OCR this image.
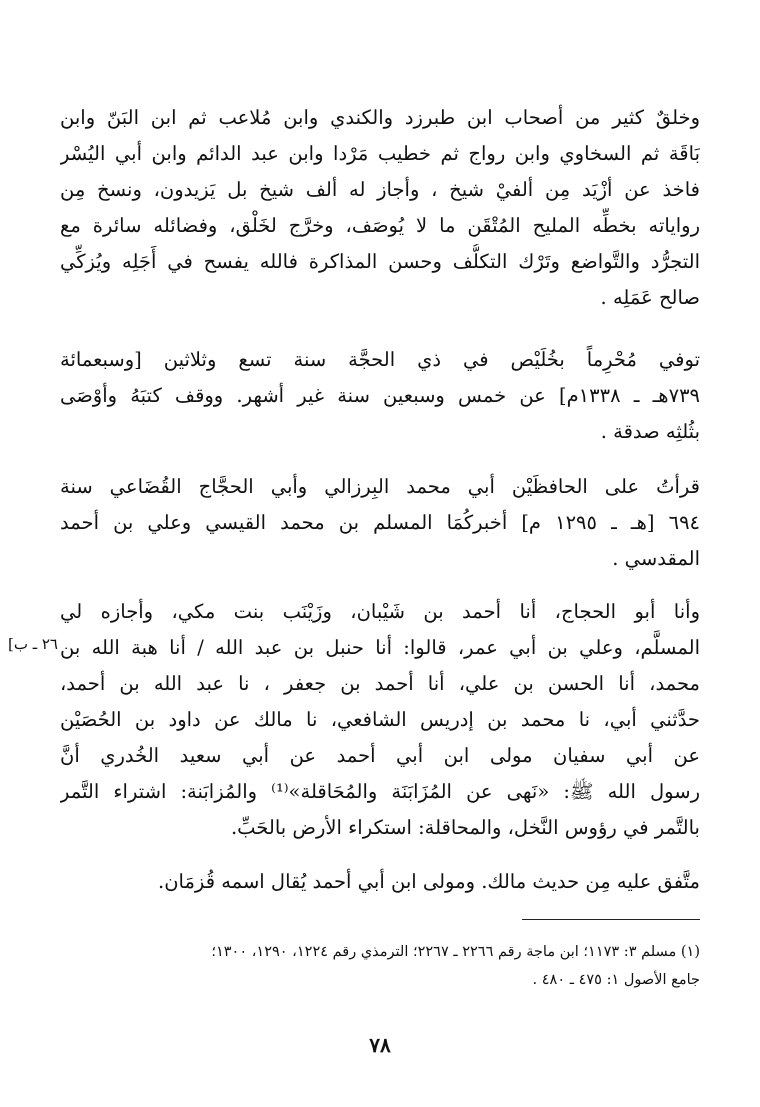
وخلقٌ كثير من أصحاب ابن طبرزد والكندي وابن مُلاعب ثم ابن البَنّ وابن
بَاقَة ثم السخاوي وابن رواج ثم خطيب مَرْدا وابن عبد الدائم وابن أبي اليُسْر
فاخذ عن أزْيَد مِن ألفيْ شيخ ، وأجاز له ألف شيخ بل يَزيدون، ونسخ مِن
رواياته بخطِّه المليح المُتْقَن ما لا يُوصَف، وخرَّج لخَلْق، وفضائله سائرة مع
التجرُّد والتَّواضع وتَرْك التكلُّف وحسن المذاكرة فالله يفسح في أَجَلِه ويُزكِّي
صالح عَمَلِه .
توفي مُحْرِماً بخُلَيْص في ذي الحجَّة سنة تسع وثلاثين [وسبعمائة
٧٣٩هـ ـ ١٣٣٨م] عن خمس وسبعين سنة غير أشهر. ووقف كتبَهُ وأوْصَى
بثُلثِه صدقة .
قرأتُ على الحافظَيْن أبي محمد البِرزالي وأبي الحجَّاج القُضَاعي سنة
٦٩٤ [هـ ـ ١٢٩٥ م] أخبركُمَا المسلم بن محمد القيسي وعلي بن أحمد
المقدسي .
وأنا أبو الحجاج، أنا أحمد بن شَيْبان، وزَيْنَب بنت مكي، وأجازه لي
المسلَّم، وعلي بن أبي عمر، قالوا: أنا حنبل بن عبد الله / أنا هبة الله بن
محمد، أنا الحسن بن علي، أنا أحمد بن جعفر ، نا عبد الله بن أحمد،
حدَّثني أبي، نا محمد بن إدريس الشافعي، نا مالك عن داود بن الحُصَيْن
عن أبي سفيان مولى ابن أبي أحمد عن أبي سعيد الخُدري أنَّ
رسول الله ﷺ: «نَهى عن المُزَابَنَة والمُحَاقلة»⁽¹⁾ والمُزابَنة: اشتراء التَّمر
بالتَّمر في رؤوس النَّخل، والمحاقلة: استكراء الأرض بالحَبِّ.
متَّفق عليه مِن حديث مالك. ومولى ابن أبي أحمد يُقال اسمه قُزمَان.
٢٦ ـ ب]
(١) مسلم ٣: ١١٧٣؛ ابن ماجة رقم ٢٢٦٦ ـ ٢٢٦٧؛ الترمذي رقم ١٢٢٤، ١٢٩٠، ١٣٠٠؛
جامع الأصول ١: ٤٧٥ ـ ٤٨٠ .
٧٨
